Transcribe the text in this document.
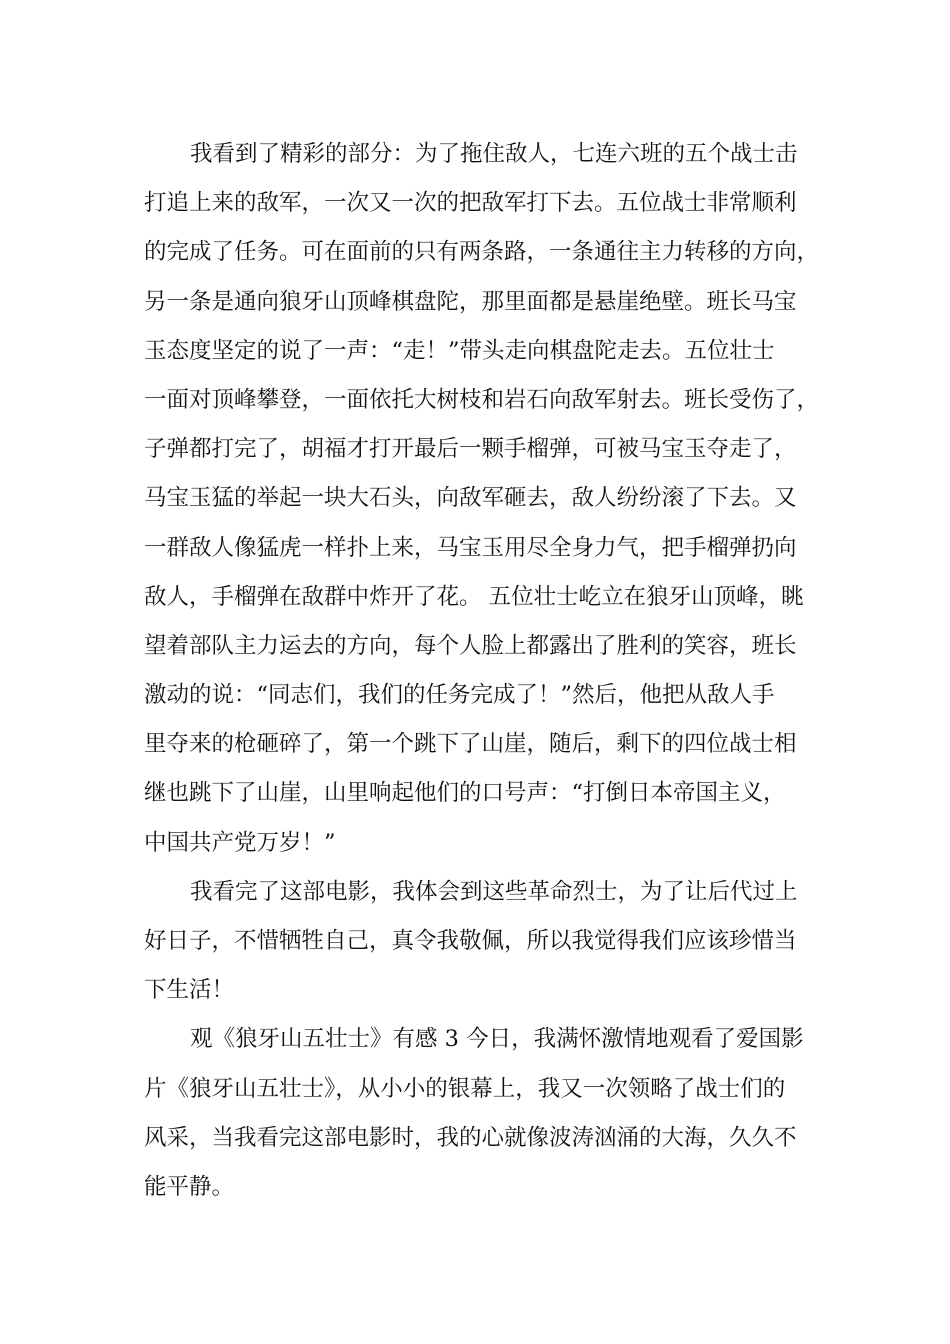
我看到了精彩的部分：为了拖住敌人，七连六班的五个战士击
打追上来的敌军，一次又一次的把敌军打下去。五位战士非常顺利
的完成了任务。可在面前的只有两条路，一条通往主力转移的方向，
另一条是通向狼牙山顶峰棋盘陀，那里面都是悬崖绝壁。班长马宝
玉态度坚定的说了一声：“走！”带头走向棋盘陀走去。五位壮士
一面对顶峰攀登，一面依托大树枝和岩石向敌军射去。班长受伤了，
子弹都打完了，胡福才打开最后一颗手榴弹，可被马宝玉夺走了，
马宝玉猛的举起一块大石头，向敌军砸去，敌人纷纷滚了下去。又
一群敌人像猛虎一样扑上来，马宝玉用尽全身力气，把手榴弹扔向
敌人，手榴弹在敌群中炸开了花。 五位壮士屹立在狼牙山顶峰，眺
望着部队主力运去的方向，每个人脸上都露出了胜利的笑容，班长
激动的说：“同志们，我们的任务完成了！”然后，他把从敌人手
里夺来的枪砸碎了，第一个跳下了山崖，随后，剩下的四位战士相
继也跳下了山崖，山里响起他们的口号声：“打倒日本帝国主义，
中国共产党万岁！”
我看完了这部电影，我体会到这些革命烈士，为了让后代过上
好日子，不惜牺牲自己，真令我敬佩，所以我觉得我们应该珍惜当
下生活！
观《狼牙山五壮士》有感 3 今日，我满怀激情地观看了爱国影
片《狼牙山五壮士》，从小小的银幕上，我又一次领略了战士们的
风采，当我看完这部电影时，我的心就像波涛汹涌的大海，久久不
能平静。
